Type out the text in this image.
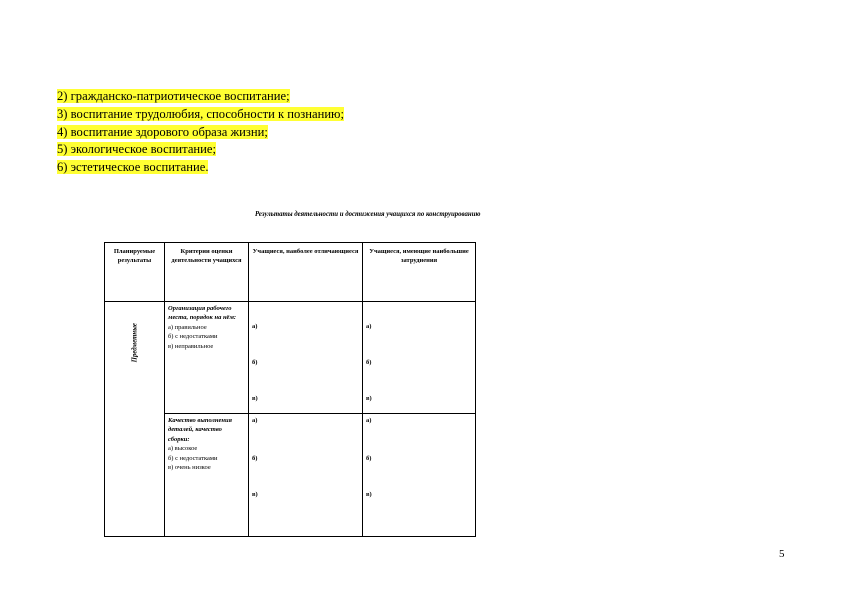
2) гражданско-патриотическое воспитание;
3) воспитание трудолюбия, способности к познанию;
4) воспитание здорового образа жизни;
5) экологическое воспитание;
6) эстетическое воспитание.
Результаты деятельности и достижения учащихся по конструированию
Планируемые результаты	Критерии оценки деятельности учащихся	Учащиеся, наиболее отличающиеся	Учащиеся, имеющие наибольшие затруднения

Предметные	Организация рабочего места, порядок на нём:
а) правильное
б) с недостатками
в) неправильное	а)
б)
в)	а)
б)
в)

	Качество выполнения деталей, качество сборки:
а) высокое
б) с недостатками
в) очень низкое	а)
б)
в)	а)
б)
в)
5
